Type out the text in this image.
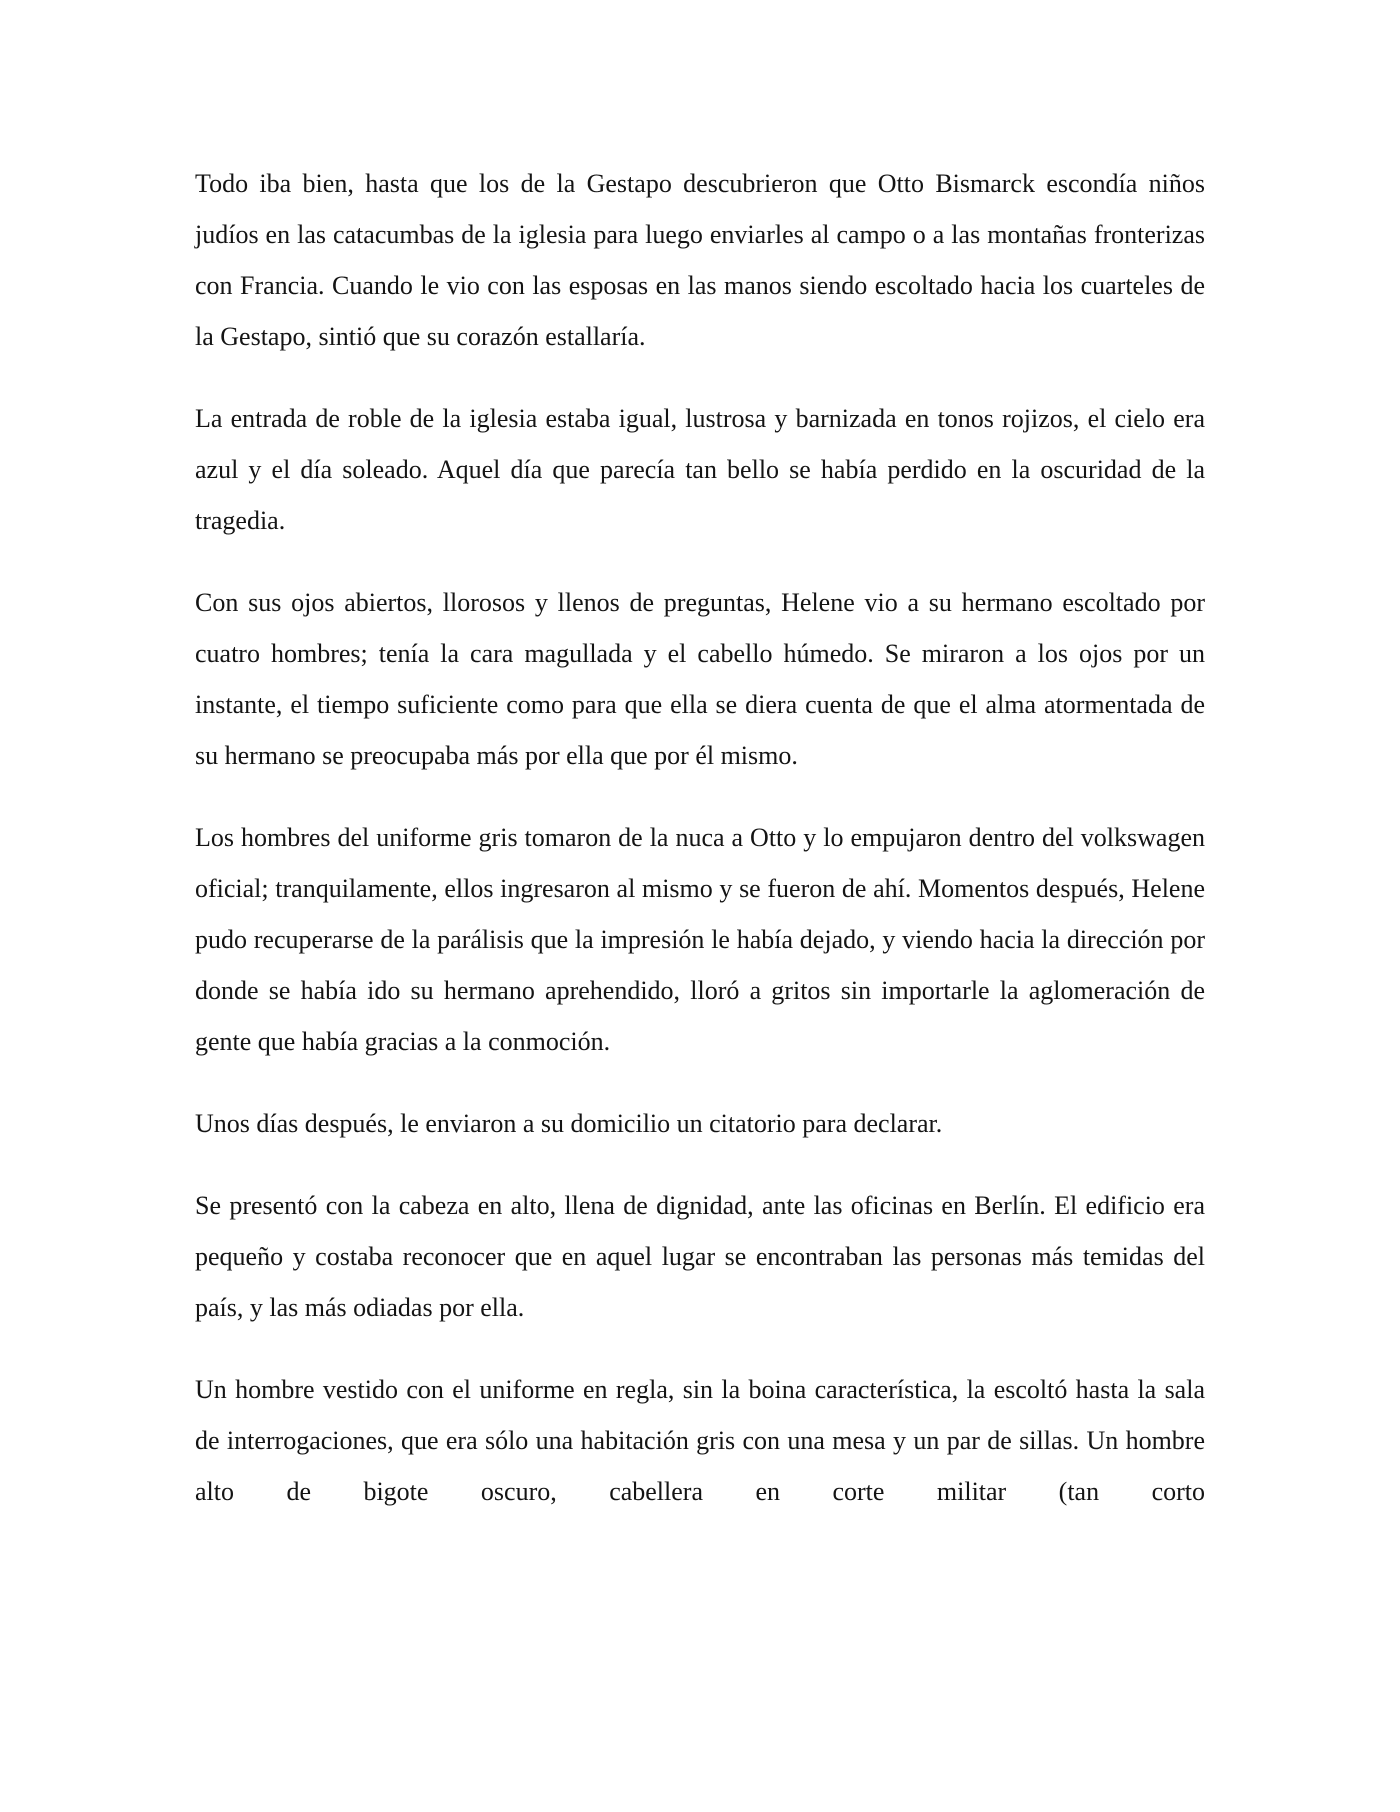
Todo iba bien, hasta que los de la Gestapo descubrieron que Otto Bismarck escondía niños judíos en las catacumbas de la iglesia para luego enviarles al campo o a las montañas fronterizas con Francia. Cuando le vio con las esposas en las manos siendo escoltado hacia los cuarteles de la Gestapo, sintió que su corazón estallaría.

La entrada de roble de la iglesia estaba igual, lustrosa y barnizada en tonos rojizos, el cielo era azul y el día soleado. Aquel día que parecía tan bello se había perdido en la oscuridad de la tragedia.

Con sus ojos abiertos, llorosos y llenos de preguntas, Helene vio a su hermano escoltado por cuatro hombres; tenía la cara magullada y el cabello húmedo. Se miraron a los ojos por un instante, el tiempo suficiente como para que ella se diera cuenta de que el alma atormentada de su hermano se preocupaba más por ella que por él mismo.

Los hombres del uniforme gris tomaron de la nuca a Otto y lo empujaron dentro del volkswagen oficial; tranquilamente, ellos ingresaron al mismo y se fueron de ahí. Momentos después, Helene pudo recuperarse de la parálisis que la impresión le había dejado, y viendo hacia la dirección por donde se había ido su hermano aprehendido, lloró a gritos sin importarle la aglomeración de gente que había gracias a la conmoción.

Unos días después, le enviaron a su domicilio un citatorio para declarar.

Se presentó con la cabeza en alto, llena de dignidad, ante las oficinas en Berlín. El edificio era pequeño y costaba reconocer que en aquel lugar se encontraban las personas más temidas del país, y las más odiadas por ella.

Un hombre vestido con el uniforme en regla, sin la boina característica, la escoltó hasta la sala de interrogaciones, que era sólo una habitación gris con una mesa y un par de sillas. Un hombre alto de bigote oscuro, cabellera en corte militar (tan corto
